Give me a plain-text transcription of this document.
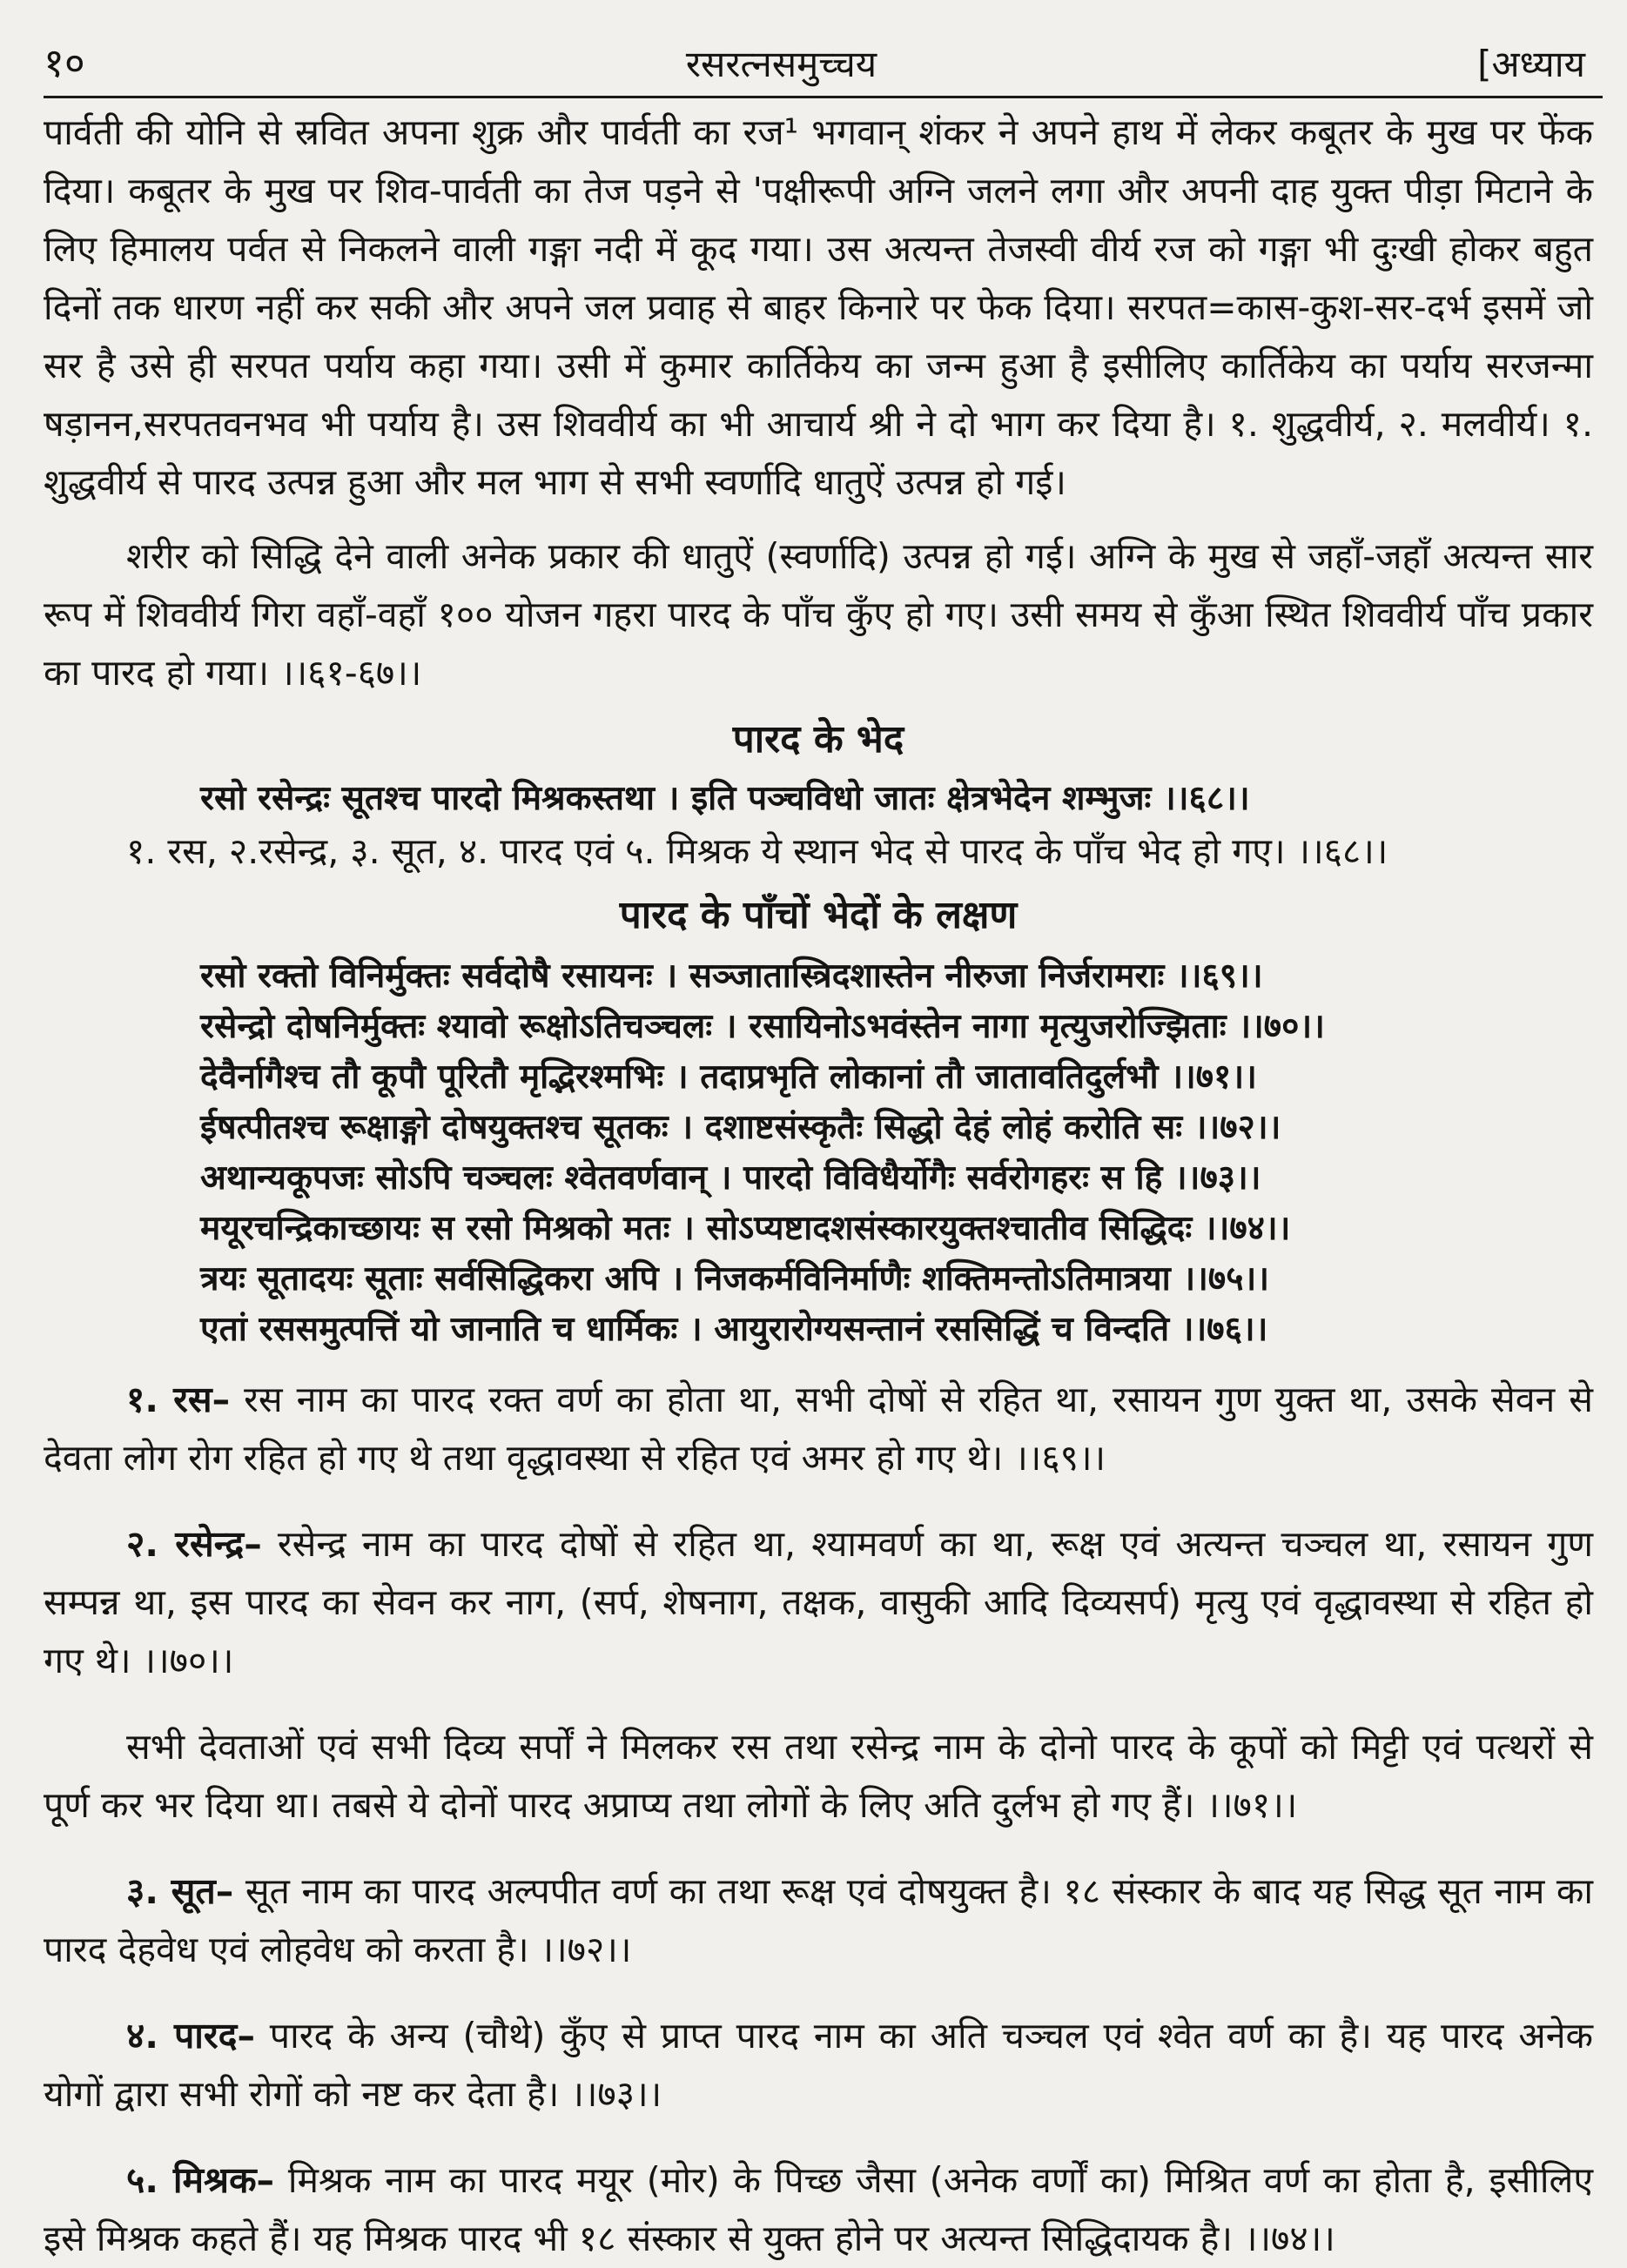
१०	रसरत्नसमुच्चय	[अध्याय

पार्वती की योनि से स्रवित अपना शुक्र और पार्वती का रज¹ भगवान् शंकर ने अपने हाथ में लेकर कबूतर के मुख पर फेंक दिया। कबूतर के मुख पर शिव-पार्वती का तेज पड़ने से 'पक्षीरूपी अग्नि जलने लगा और अपनी दाह युक्त पीड़ा मिटाने के लिए हिमालय पर्वत से निकलने वाली गङ्गा नदी में कूद गया। उस अत्यन्त तेजस्वी वीर्य रज को गङ्गा भी दुःखी होकर बहुत दिनों तक धारण नहीं कर सकी और अपने जल प्रवाह से बाहर किनारे पर फेक दिया। सरपत=कास-कुश-सर-दर्भ इसमें जो सर है उसे ही सरपत पर्याय कहा गया। उसी में कुमार कार्तिकेय का जन्म हुआ है इसीलिए कार्तिकेय का पर्याय सरजन्मा षड़ानन,सरपतवनभव भी पर्याय है। उस शिववीर्य का भी आचार्य श्री ने दो भाग कर दिया है। १. शुद्धवीर्य, २. मलवीर्य। १. शुद्धवीर्य से पारद उत्पन्न हुआ और मल भाग से सभी स्वर्णादि धातुऐं उत्पन्न हो गई।

शरीर को सिद्धि देने वाली अनेक प्रकार की धातुऐं (स्वर्णादि) उत्पन्न हो गई। अग्नि के मुख से जहाँ-जहाँ अत्यन्त सार रूप में शिववीर्य गिरा वहाँ-वहाँ १०० योजन गहरा पारद के पाँच कुँए हो गए। उसी समय से कुँआ स्थित शिववीर्य पाँच प्रकार का पारद हो गया। ।।६१-६७।।

पारद के भेद
रसो रसेन्द्रः सूतश्च पारदो मिश्रकस्तथा । इति पञ्चविधो जातः क्षेत्रभेदेन शम्भुजः ।।६८।।
१. रस, २.रसेन्द्र, ३. सूत, ४. पारद एवं ५. मिश्रक ये स्थान भेद से पारद के पाँच भेद हो गए। ।।६८।।
पारद के पाँचों भेदों के लक्षण
रसो रक्तो विनिर्मुक्तः सर्वदोषै रसायनः । सञ्जातास्त्रिदशास्तेन नीरुजा निर्जरामराः ।।६९।।
रसेन्द्रो दोषनिर्मुक्तः श्यावो रूक्षोऽतिचञ्चलः । रसायिनोऽभवंस्तेन नागा मृत्युजरोज्झिताः ।।७०।।
देवैर्नागैश्च तौ कूपौ पूरितौ मृद्भिरश्मभिः । तदाप्रभृति लोकानां तौ जातावतिदुर्लभौ ।।७१।।
ईषत्पीतश्च रूक्षाङ्गो दोषयुक्तश्च सूतकः । दशाष्टसंस्कृतैः सिद्धो देहं लोहं करोति सः ।।७२।।
अथान्यकूपजः सोऽपि चञ्चलः श्वेतवर्णवान् । पारदो विविधैर्योगैः सर्वरोगहरः स हि ।।७३।।
मयूरचन्द्रिकाच्छायः स रसो मिश्रको मतः । सोऽप्यष्टादशसंस्कारयुक्तश्चातीव सिद्धिदः ।।७४।।
त्रयः सूतादयः सूताः सर्वसिद्धिकरा अपि । निजकर्मविनिर्माणैः शक्तिमन्तोऽतिमात्रया ।।७५।।
एतां रससमुत्पत्तिं यो जानाति च धार्मिकः । आयुरारोग्यसन्तानं रससिद्धिं च विन्दति ।।७६।।

१. रस– रस नाम का पारद रक्त वर्ण का होता था, सभी दोषों से रहित था, रसायन गुण युक्त था, उसके सेवन से देवता लोग रोग रहित हो गए थे तथा वृद्धावस्था से रहित एवं अमर हो गए थे। ।।६९।।

२. रसेन्द्र– रसेन्द्र नाम का पारद दोषों से रहित था, श्यामवर्ण का था, रूक्ष एवं अत्यन्त चञ्चल था, रसायन गुण सम्पन्न था, इस पारद का सेवन कर नाग, (सर्प, शेषनाग, तक्षक, वासुकी आदि दिव्यसर्प) मृत्यु एवं वृद्धावस्था से रहित हो गए थे। ।।७०।।

सभी देवताओं एवं सभी दिव्य सर्पों ने मिलकर रस तथा रसेन्द्र नाम के दोनो पारद के कूपों को मिट्टी एवं पत्थरों से पूर्ण कर भर दिया था। तबसे ये दोनों पारद अप्राप्य तथा लोगों के लिए अति दुर्लभ हो गए हैं। ।।७१।।

३. सूत– सूत नाम का पारद अल्पपीत वर्ण का तथा रूक्ष एवं दोषयुक्त है। १८ संस्कार के बाद यह सिद्ध सूत नाम का पारद देहवेध एवं लोहवेध को करता है। ।।७२।।

४. पारद– पारद के अन्य (चौथे) कुँए से प्राप्त पारद नाम का अति चञ्चल एवं श्वेत वर्ण का है। यह पारद अनेक योगों द्वारा सभी रोगों को नष्ट कर देता है। ।।७३।।

५. मिश्रक– मिश्रक नाम का पारद मयूर (मोर) के पिच्छ जैसा (अनेक वर्णों का) मिश्रित वर्ण का होता है, इसीलिए इसे मिश्रक कहते हैं। यह मिश्रक पारद भी १८ संस्कार से युक्त होने पर अत्यन्त सिद्धिदायक है। ।।७४।।
